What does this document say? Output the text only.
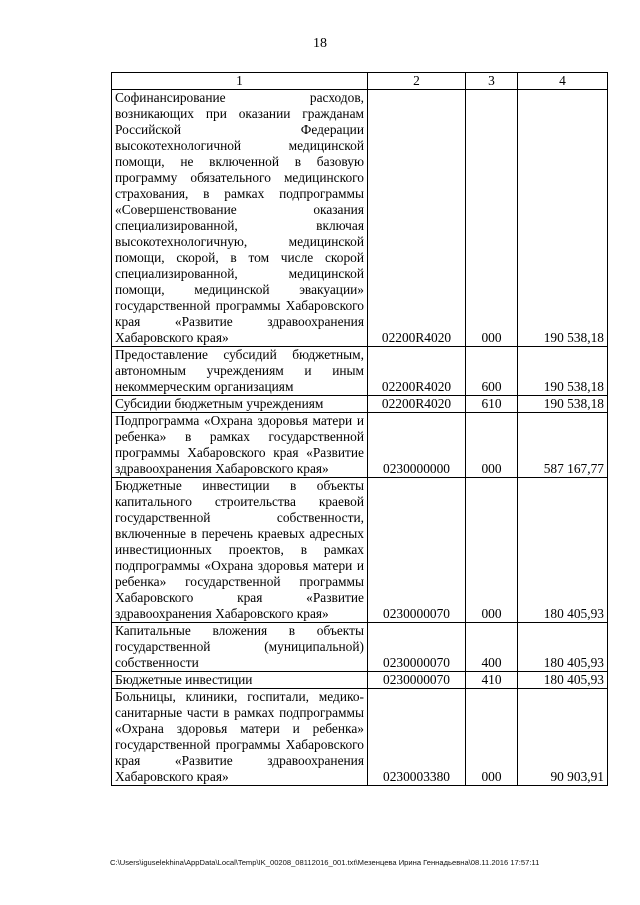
18
1	2	3	4
Софинансирование расходов, возникающих при оказании гражданам Российской Федерации высокотехнологичной медицинской помощи, не включенной в базовую программу обязательного медицинского страхования, в рамках подпрограммы «Совершенствование оказания специализированной, включая высокотехнологичную, медицинской помощи, скорой, в том числе скорой специализированной, медицинской помощи, медицинской эвакуации» государственной программы Хабаровского края «Развитие здравоохранения Хабаровского края»	02200R4020	000	190 538,18
Предоставление субсидий бюджетным, автономным учреждениям и иным некоммерческим организациям	02200R4020	600	190 538,18
Субсидии бюджетным учреждениям	02200R4020	610	190 538,18
Подпрограмма «Охрана здоровья матери и ребенка» в рамках государственной программы Хабаровского края «Развитие здравоохранения Хабаровского края»	0230000000	000	587 167,77
Бюджетные инвестиции в объекты капитального строительства краевой государственной собственности, включенные в перечень краевых адресных инвестиционных проектов, в рамках подпрограммы «Охрана здоровья матери и ребенка» государственной программы Хабаровского края «Развитие здравоохранения Хабаровского края»	0230000070	000	180 405,93
Капитальные вложения в объекты государственной (муниципальной) собственности	0230000070	400	180 405,93
Бюджетные инвестиции	0230000070	410	180 405,93
Больницы, клиники, госпитали, медико-санитарные части в рамках подпрограммы «Охрана здоровья матери и ребенка» государственной программы Хабаровского края «Развитие здравоохранения Хабаровского края»	0230003380	000	90 903,91
C:\Users\iguselekhina\AppData\Local\Temp\IK_00208_08112016_001.txt\Мезенцева Ирина Геннадьевна\08.11.2016 17:57:11
